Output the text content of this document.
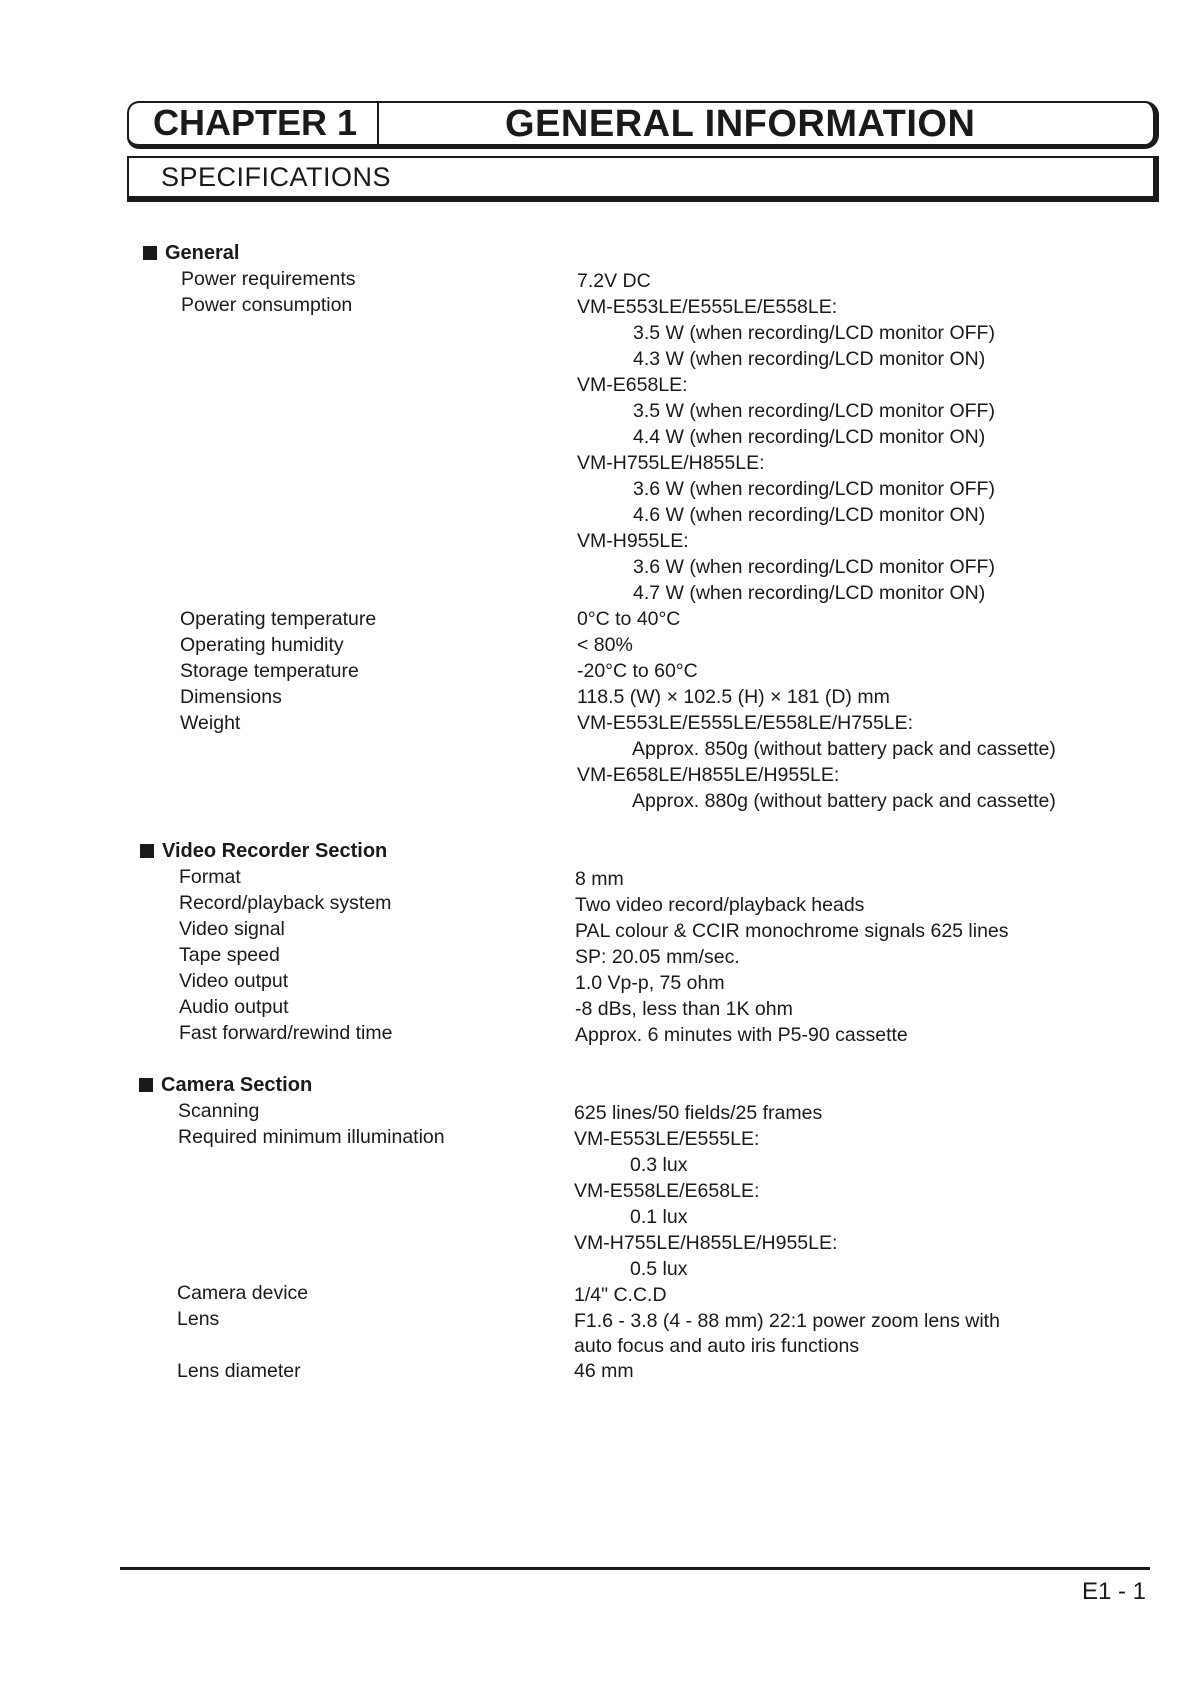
CHAPTER 1	GENERAL INFORMATION
SPECIFICATIONS
General
Power requirements	7.2V DC
Power consumption	VM-E553LE/E555LE/E558LE:
3.5 W (when recording/LCD monitor OFF)
4.3 W (when recording/LCD monitor ON)
VM-E658LE:
3.5 W (when recording/LCD monitor OFF)
4.4 W (when recording/LCD monitor ON)
VM-H755LE/H855LE:
3.6 W (when recording/LCD monitor OFF)
4.6 W (when recording/LCD monitor ON)
VM-H955LE:
3.6 W (when recording/LCD monitor OFF)
4.7 W (when recording/LCD monitor ON)
Operating temperature	0°C to 40°C
Operating humidity	< 80%
Storage temperature	-20°C to 60°C
Dimensions	118.5 (W) × 102.5 (H) × 181 (D) mm
Weight	VM-E553LE/E555LE/E558LE/H755LE:
Approx. 850g (without battery pack and cassette)
VM-E658LE/H855LE/H955LE:
Approx. 880g (without battery pack and cassette)
Video Recorder Section
Format	8 mm
Record/playback system	Two video record/playback heads
Video signal	PAL colour & CCIR monochrome signals 625 lines
Tape speed	SP: 20.05 mm/sec.
Video output	1.0 Vp-p, 75 ohm
Audio output	-8 dBs, less than 1K ohm
Fast forward/rewind time	Approx. 6 minutes with P5-90 cassette
Camera Section
Scanning	625 lines/50 fields/25 frames
Required minimum illumination	VM-E553LE/E555LE:
0.3 lux
VM-E558LE/E658LE:
0.1 lux
VM-H755LE/H855LE/H955LE:
0.5 lux
Camera device	1/4" C.C.D
Lens	F1.6 - 3.8 (4 - 88 mm) 22:1 power zoom lens with
auto focus and auto iris functions
Lens diameter	46 mm
E1 - 1
